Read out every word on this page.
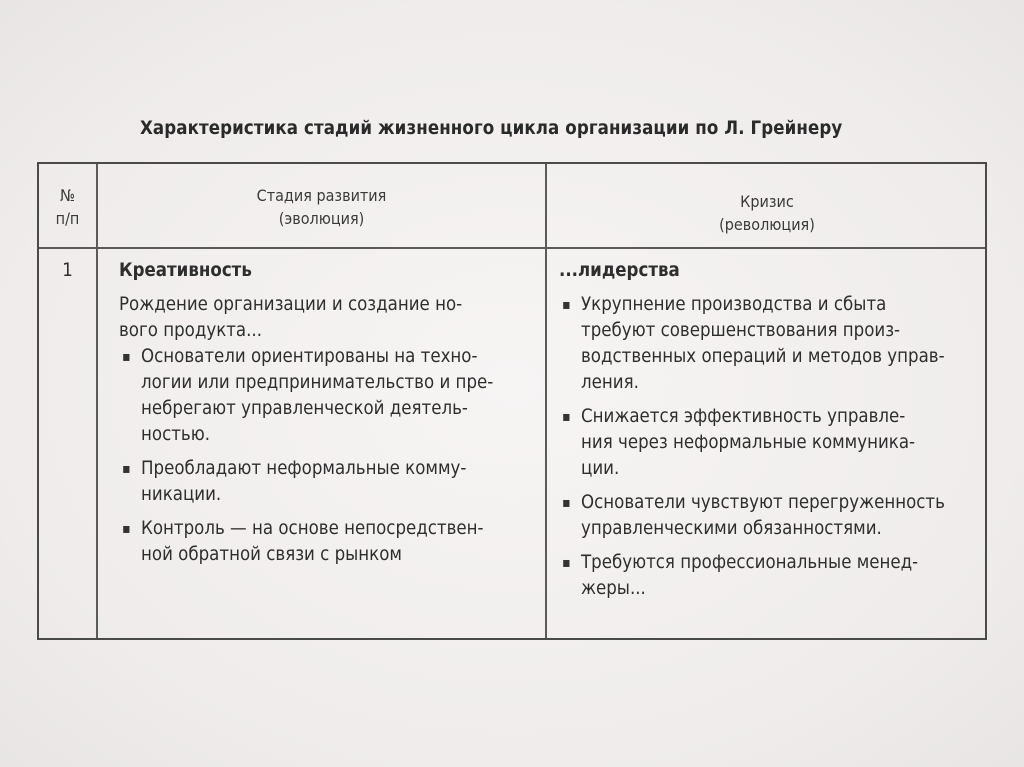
Характеристика стадий жизненного цикла организации по Л. Грейнеру
№
п/п
Стадия развития
(эволюция)
Кризис
(революция)
1	Креативность
Рождение организации и создание но-
вого продукта...
▪ Основатели ориентированы на техно-
логии или предпринимательство и пре-
небрегают управленческой деятель-
ностью.
▪ Преобладают неформальные комму-
никации.
▪ Контроль — на основе непосредствен-
ной обратной связи с рынком
...лидерства
▪ Укрупнение производства и сбыта
требуют совершенствования произ-
водственных операций и методов управ-
ления.
▪ Снижается эффективность управле-
ния через неформальные коммуника-
ции.
▪ Основатели чувствуют перегруженность
управленческими обязанностями.
▪ Требуются профессиональные менед-
жеры...
